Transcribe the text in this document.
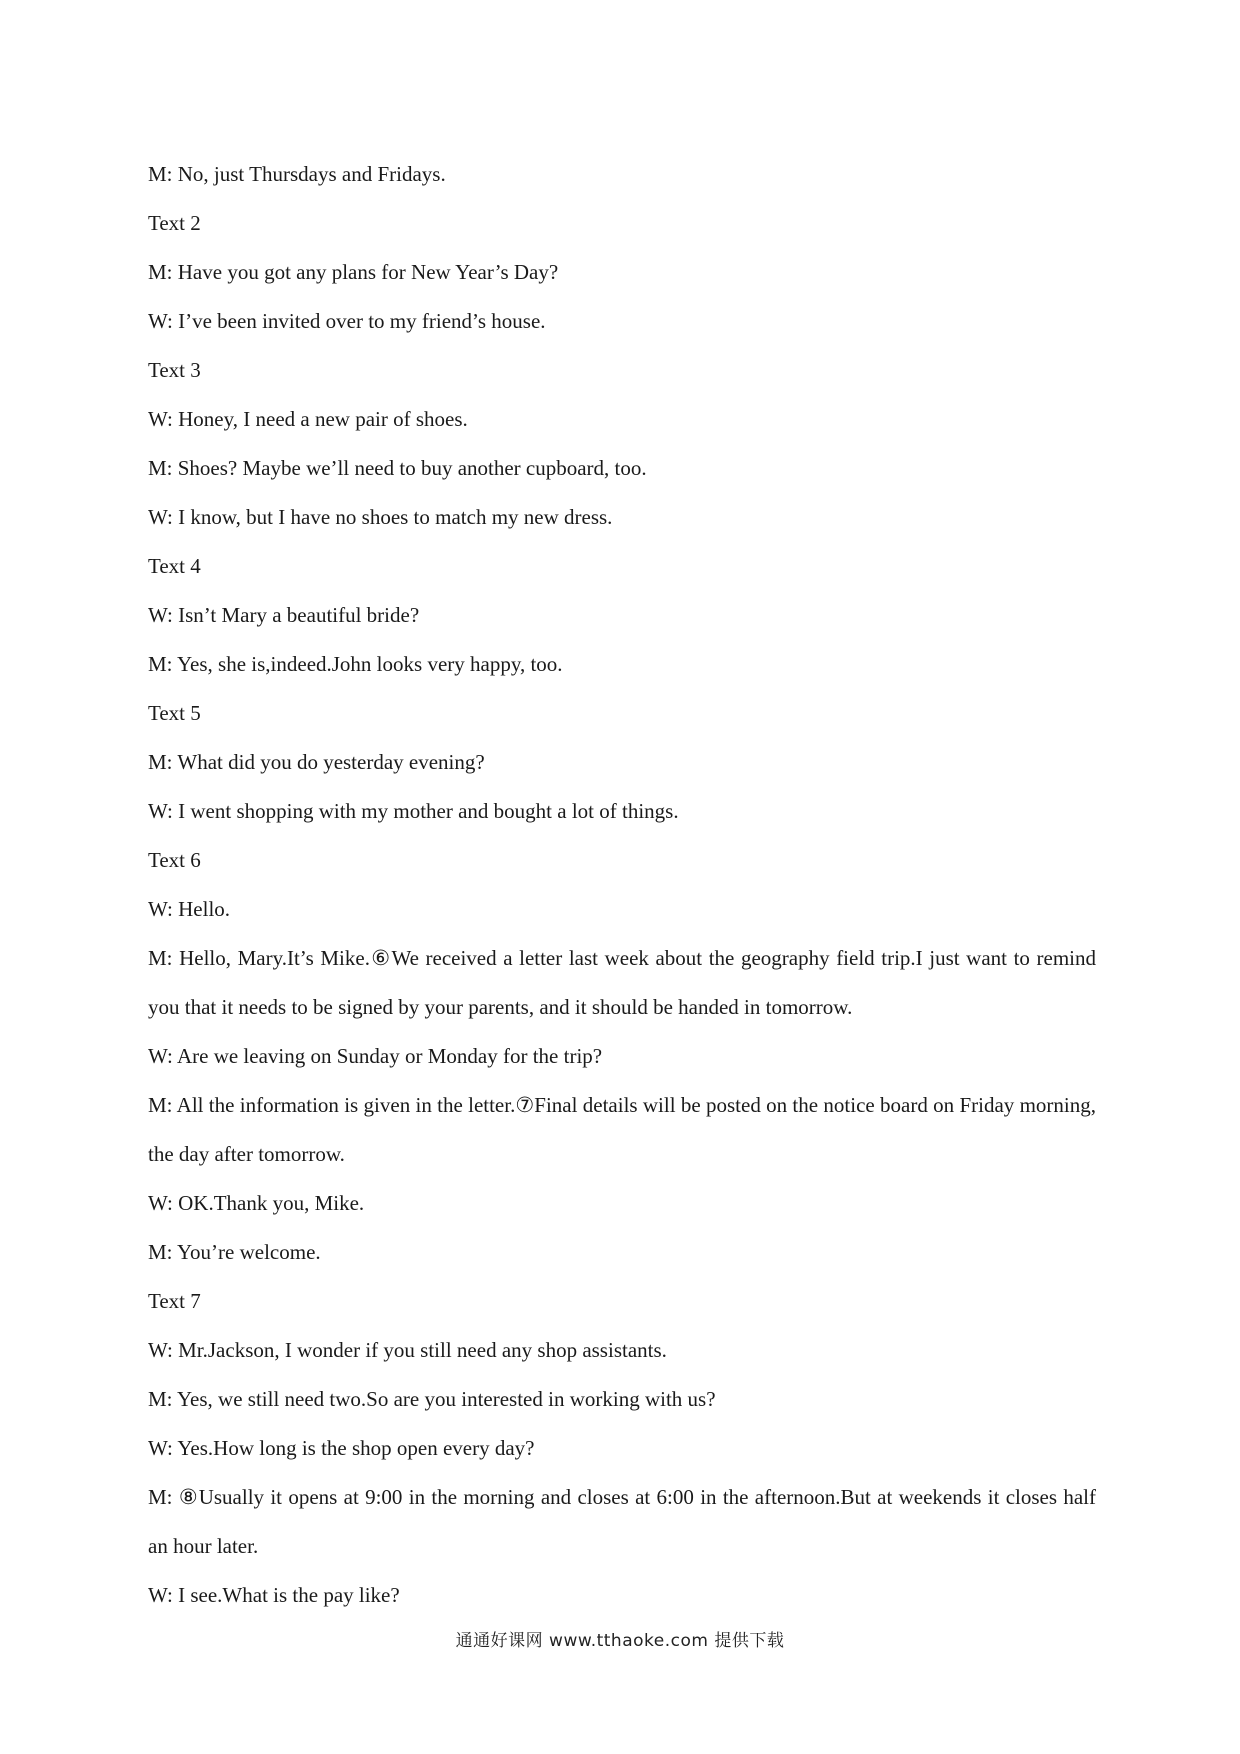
M: No, just Thursdays and Fridays.
Text 2
M: Have you got any plans for New Year’s Day?
W: I’ve been invited over to my friend’s house.
Text 3
W: Honey, I need a new pair of shoes.
M: Shoes? Maybe we’ll need to buy another cupboard, too.
W: I know, but I have no shoes to match my new dress.
Text 4
W: Isn’t Mary a beautiful bride?
M: Yes, she is,indeed.John looks very happy, too.
Text 5
M: What did you do yesterday evening?
W: I went shopping with my mother and bought a lot of things.
Text 6
W: Hello.
M: Hello, Mary.It’s Mike.⑥We received a letter last week about the geography field trip.I just want to remind you that it needs to be signed by your parents, and it should be handed in tomorrow.
W: Are we leaving on Sunday or Monday for the trip?
M: All the information is given in the letter.⑦Final details will be posted on the notice board on Friday morning, the day after tomorrow.
W: OK.Thank you, Mike.
M: You’re welcome.
Text 7
W: Mr.Jackson, I wonder if you still need any shop assistants.
M: Yes, we still need two.So are you interested in working with us?
W: Yes.How long is the shop open every day?
M: ⑧Usually it opens at 9:00 in the morning and closes at 6:00 in the afternoon.But at weekends it closes half an hour later.
W: I see.What is the pay like?
通通好课网 www.tthaoke.com 提供下载
